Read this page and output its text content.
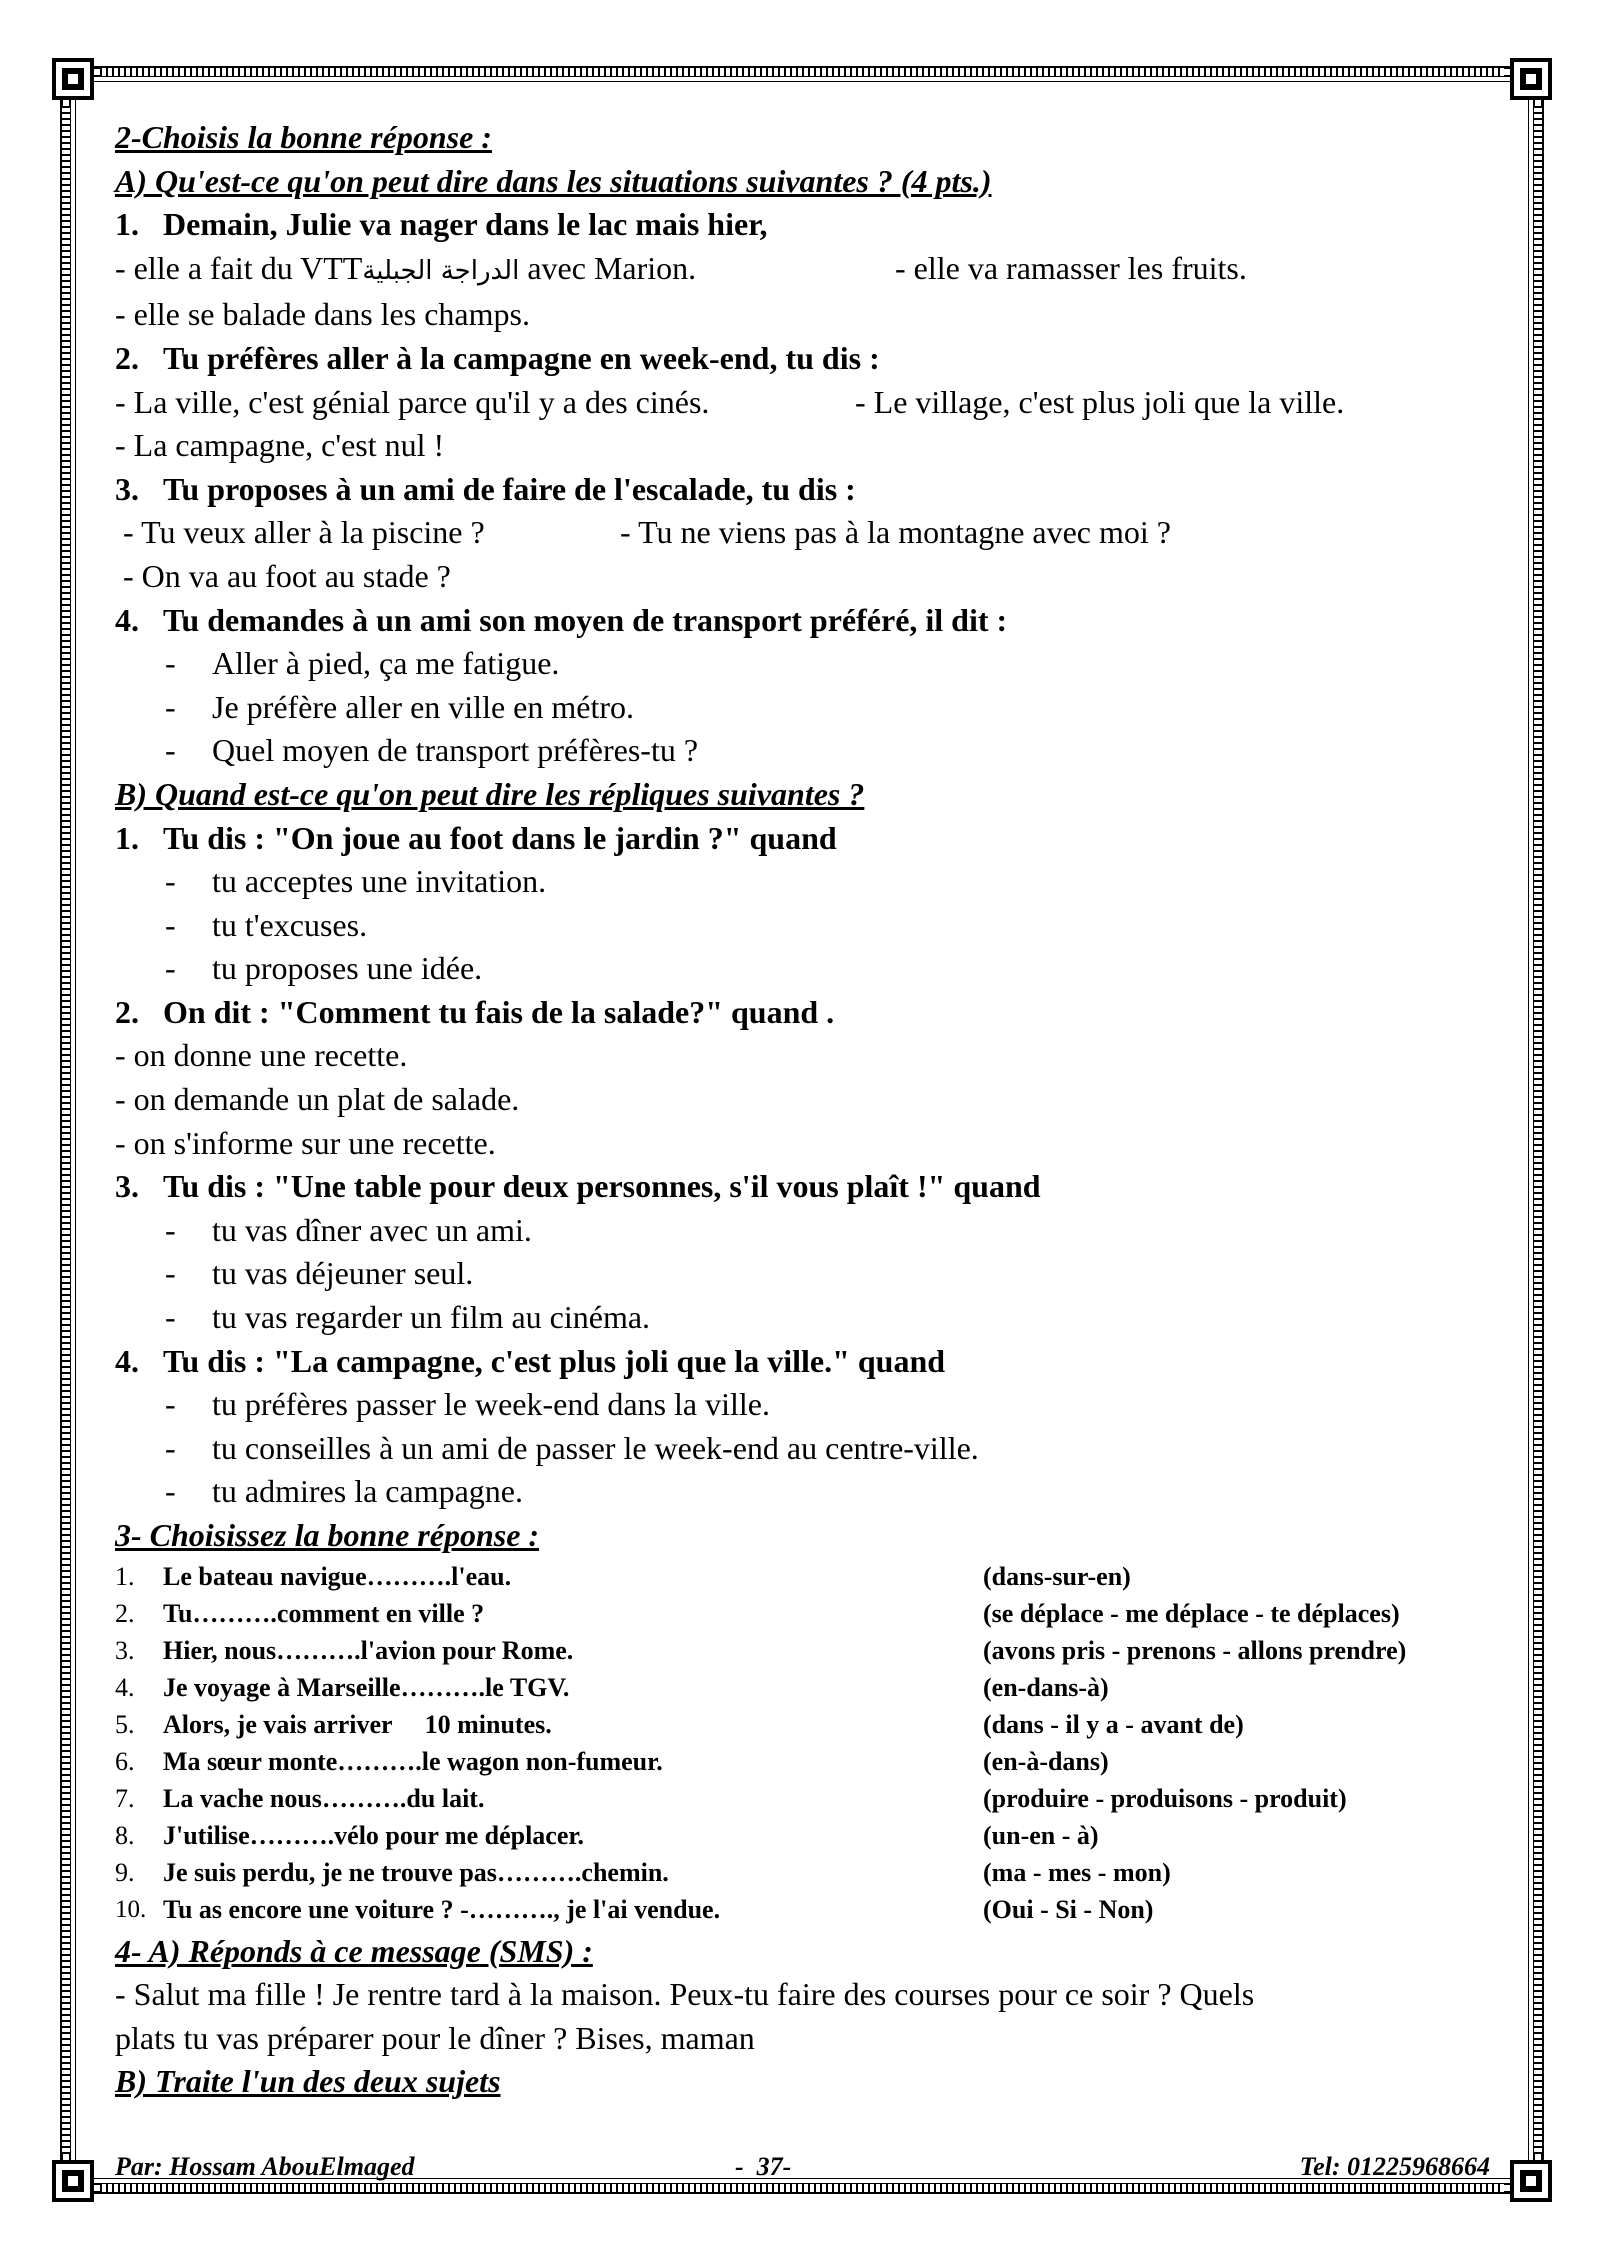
2-Choisis la bonne réponse :
A) Qu'est-ce qu'on peut dire dans les situations suivantes ? (4 pts.)
1. Demain, Julie va nager dans le lac mais hier,
- elle a fait du VTTالدراجة الجبلية avec Marion.	- elle va ramasser les fruits.
- elle se balade dans les champs.
2. Tu préfères aller à la campagne en week-end, tu dis :
- La ville, c'est génial parce qu'il y a des cinés.	- Le village, c'est plus joli que la ville.
- La campagne, c'est nul !
3. Tu proposes à un ami de faire de l'escalade, tu dis :
- Tu veux aller à la piscine ?	- Tu ne viens pas à la montagne avec moi ?
- On va au foot au stade ?
4. Tu demandes à un ami son moyen de transport préféré, il dit :
- Aller à pied, ça me fatigue.
- Je préfère aller en ville en métro.
- Quel moyen de transport préfères-tu ?
B) Quand est-ce qu'on peut dire les répliques suivantes ?
1. Tu dis : "On joue au foot dans le jardin ?" quand
- tu acceptes une invitation.
- tu t'excuses.
- tu proposes une idée.
2. On dit : "Comment tu fais de la salade?" quand .
- on donne une recette.
- on demande un plat de salade.
- on s'informe sur une recette.
3. Tu dis : "Une table pour deux personnes, s'il vous plaît !" quand
- tu vas dîner avec un ami.
- tu vas déjeuner seul.
- tu vas regarder un film au cinéma.
4. Tu dis : "La campagne, c'est plus joli que la ville." quand
- tu préfères passer le week-end dans la ville.
- tu conseilles à un ami de passer le week-end au centre-ville.
- tu admires la campagne.
3- Choisissez la bonne réponse :
1.	Le bateau navigue……….l'eau.	(dans-sur-en)
2.	Tu……….comment en ville ?	(se déplace - me déplace - te déplaces)
3.	Hier, nous……….l'avion pour Rome.	(avons pris - prenons - allons prendre)
4.	Je voyage à Marseille……….le TGV.	(en-dans-à)
5.	Alors, je vais arriver     10 minutes.	(dans - il y a - avant de)
6.	Ma sœur monte……….le wagon non-fumeur.	(en-à-dans)
7.	La vache nous……….du lait.	(produire - produisons - produit)
8.	J'utilise……….vélo pour me déplacer.	(un-en - à)
9.	Je suis perdu, je ne trouve pas……….chemin.	(ma - mes - mon)
10. Tu as encore une voiture ? -………., je l'ai vendue.	(Oui - Si - Non)
4- A) Réponds à ce message (SMS) :
- Salut ma fille ! Je rentre tard à la maison. Peux-tu faire des courses pour ce soir ? Quels
plats tu vas préparer pour le dîner ? Bises, maman
B) Traite l'un des deux sujets
Par: Hossam AbouElmaged	-  37-	Tel: 01225968664
